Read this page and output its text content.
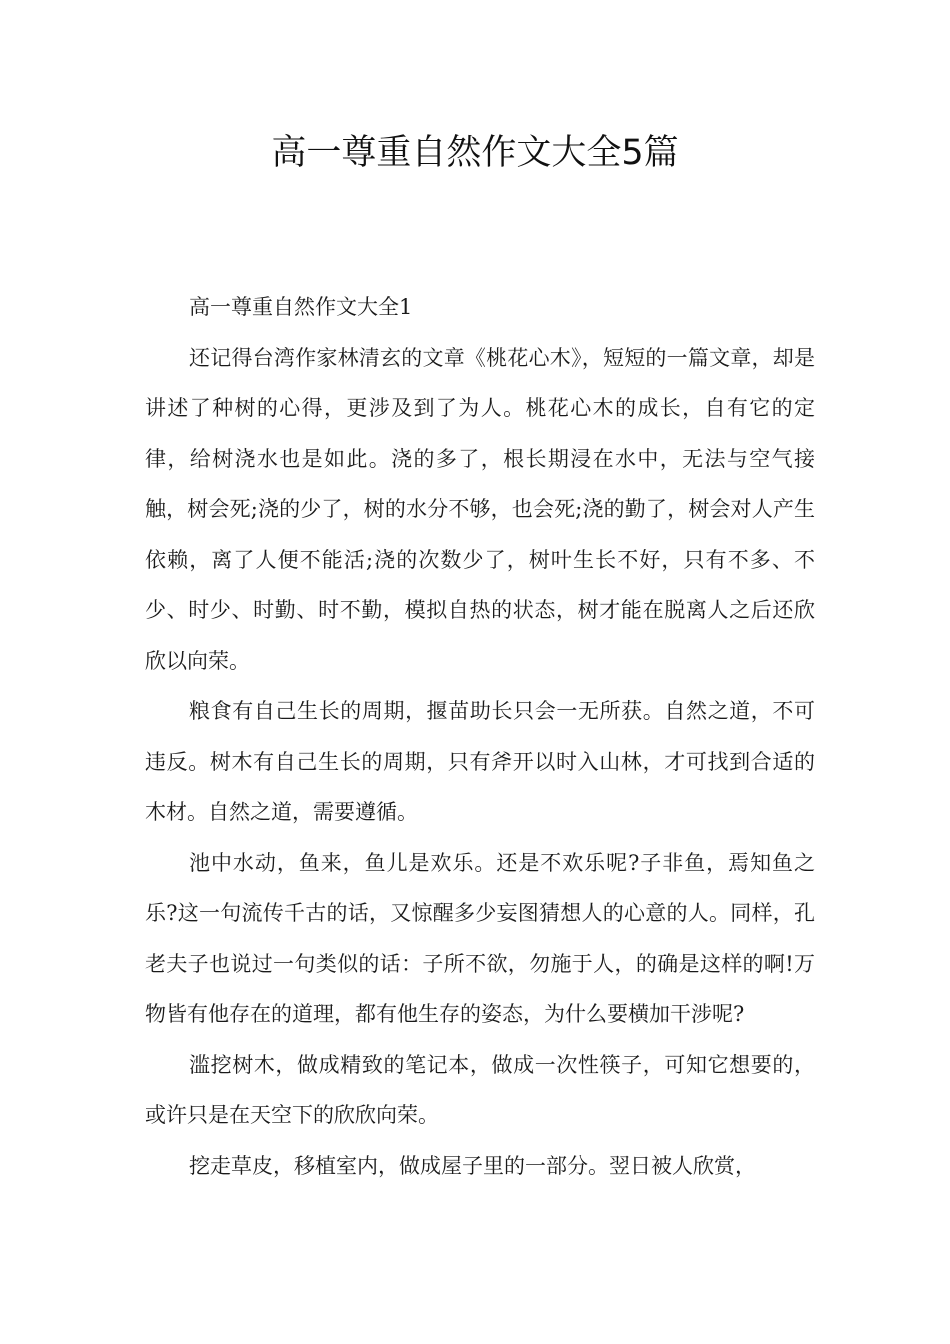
高一尊重自然作文大全5篇

高一尊重自然作文大全1

还记得台湾作家林清玄的文章《桃花心木》，短短的一篇文章，却是讲述了种树的心得，更涉及到了为人。桃花心木的成长，自有它的定律，给树浇水也是如此。浇的多了，根长期浸在水中，无法与空气接触，树会死;浇的少了，树的水分不够，也会死;浇的勤了，树会对人产生依赖，离了人便不能活;浇的次数少了，树叶生长不好，只有不多、不少、时少、时勤、时不勤，模拟自热的状态，树才能在脱离人之后还欣欣以向荣。

粮食有自己生长的周期，揠苗助长只会一无所获。自然之道，不可违反。树木有自己生长的周期，只有斧开以时入山林，才可找到合适的木材。自然之道，需要遵循。

池中水动，鱼来，鱼儿是欢乐。还是不欢乐呢?子非鱼，焉知鱼之乐?这一句流传千古的话，又惊醒多少妄图猜想人的心意的人。同样，孔老夫子也说过一句类似的话：子所不欲，勿施于人，的确是这样的啊!万物皆有他存在的道理，都有他生存的姿态，为什么要横加干涉呢?

滥挖树木，做成精致的笔记本，做成一次性筷子，可知它想要的，或许只是在天空下的欣欣向荣。

挖走草皮，移植室内，做成屋子里的一部分。翌日被人欣赏，
